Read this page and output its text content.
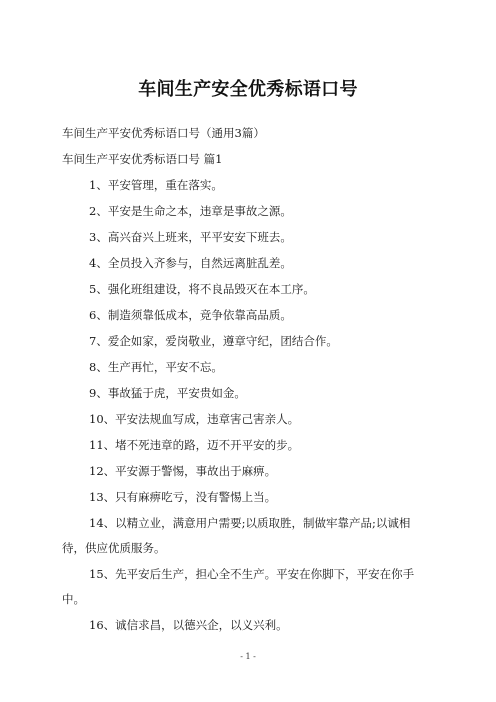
车间生产安全优秀标语口号
车间生产平安优秀标语口号（通用3篇）
车间生产平安优秀标语口号 篇1
1、平安管理，重在落实。
2、平安是生命之本，违章是事故之源。
3、高兴奋兴上班来，平平安安下班去。
4、全员投入齐参与，自然远离脏乱差。
5、强化班组建设，将不良品毁灭在本工序。
6、制造须靠低成本，竞争依靠高品质。
7、爱企如家，爱岗敬业，遵章守纪，团结合作。
8、生产再忙，平安不忘。
9、事故猛于虎，平安贵如金。
10、平安法规血写成，违章害己害亲人。
11、堵不死违章的路，迈不开平安的步。
12、平安源于警惕，事故出于麻痹。
13、只有麻痹吃亏，没有警惕上当。
14、以精立业，满意用户需要;以质取胜，制做牢靠产品;以诚相
待，供应优质服务。
15、先平安后生产，担心全不生产。平安在你脚下，平安在你手
中。
16、诚信求昌，以德兴企，以义兴利。
- 1 -
